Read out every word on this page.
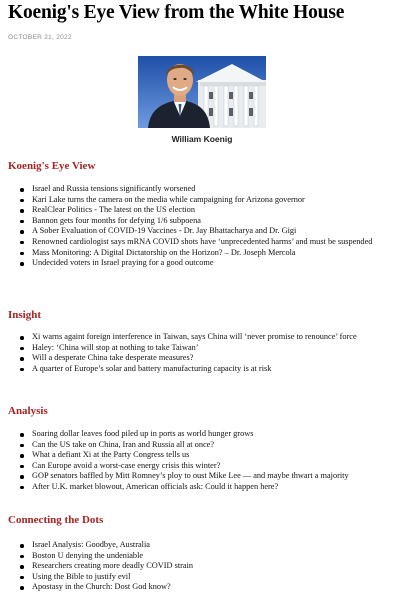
Koenig's Eye View from the White House
OCTOBER 21, 2022
William Koenig
Koenig's Eye View
Israel and Russia tensions significantly worsened
Kari Lake turns the camera on the media while campaigning for Arizona governor
RealClear Politics - The latest on the US election
Bannon gets four months for defying 1/6 subpoena
A Sober Evaluation of COVID-19 Vaccines - Dr. Jay Bhattacharya and Dr. Gigi
Renowned cardiologist says mRNA COVID shots have ‘unprecedented harms’ and must be suspended
Mass Monitoring: A Digital Dictatorship on the Horizon? – Dr. Joseph Mercola
Undecided voters in Israel praying for a good outcome
Insight
Xi warns againt foreign interference in Taiwan, says China will ‘never promise to renounce’ force
Haley: ‘China will stop at nothing to take Taiwan’
Will a desperate China take desperate measures?
A quarter of Europe’s solar and battery manufacturing capacity is at risk
Analysis
Soaring dollar leaves food piled up in ports as world hunger grows
Can the US take on China, Iran and Russia all at once?
What a defiant Xi at the Party Congress tells us
Can Europe avoid a worst-case energy crisis this winter?
GOP senators baffled by Mitt Romney’s ploy to oust Mike Lee — and maybe thwart a majority
After U.K. market blowout, American officials ask: Could it happen here?
Connecting the Dots
Israel Analysis: Goodbye, Australia
Boston U denying the undeniable
Researchers creating more deadly COVID strain
Using the Bible to justify evil
Apostasy in the Church: Dost God know?
